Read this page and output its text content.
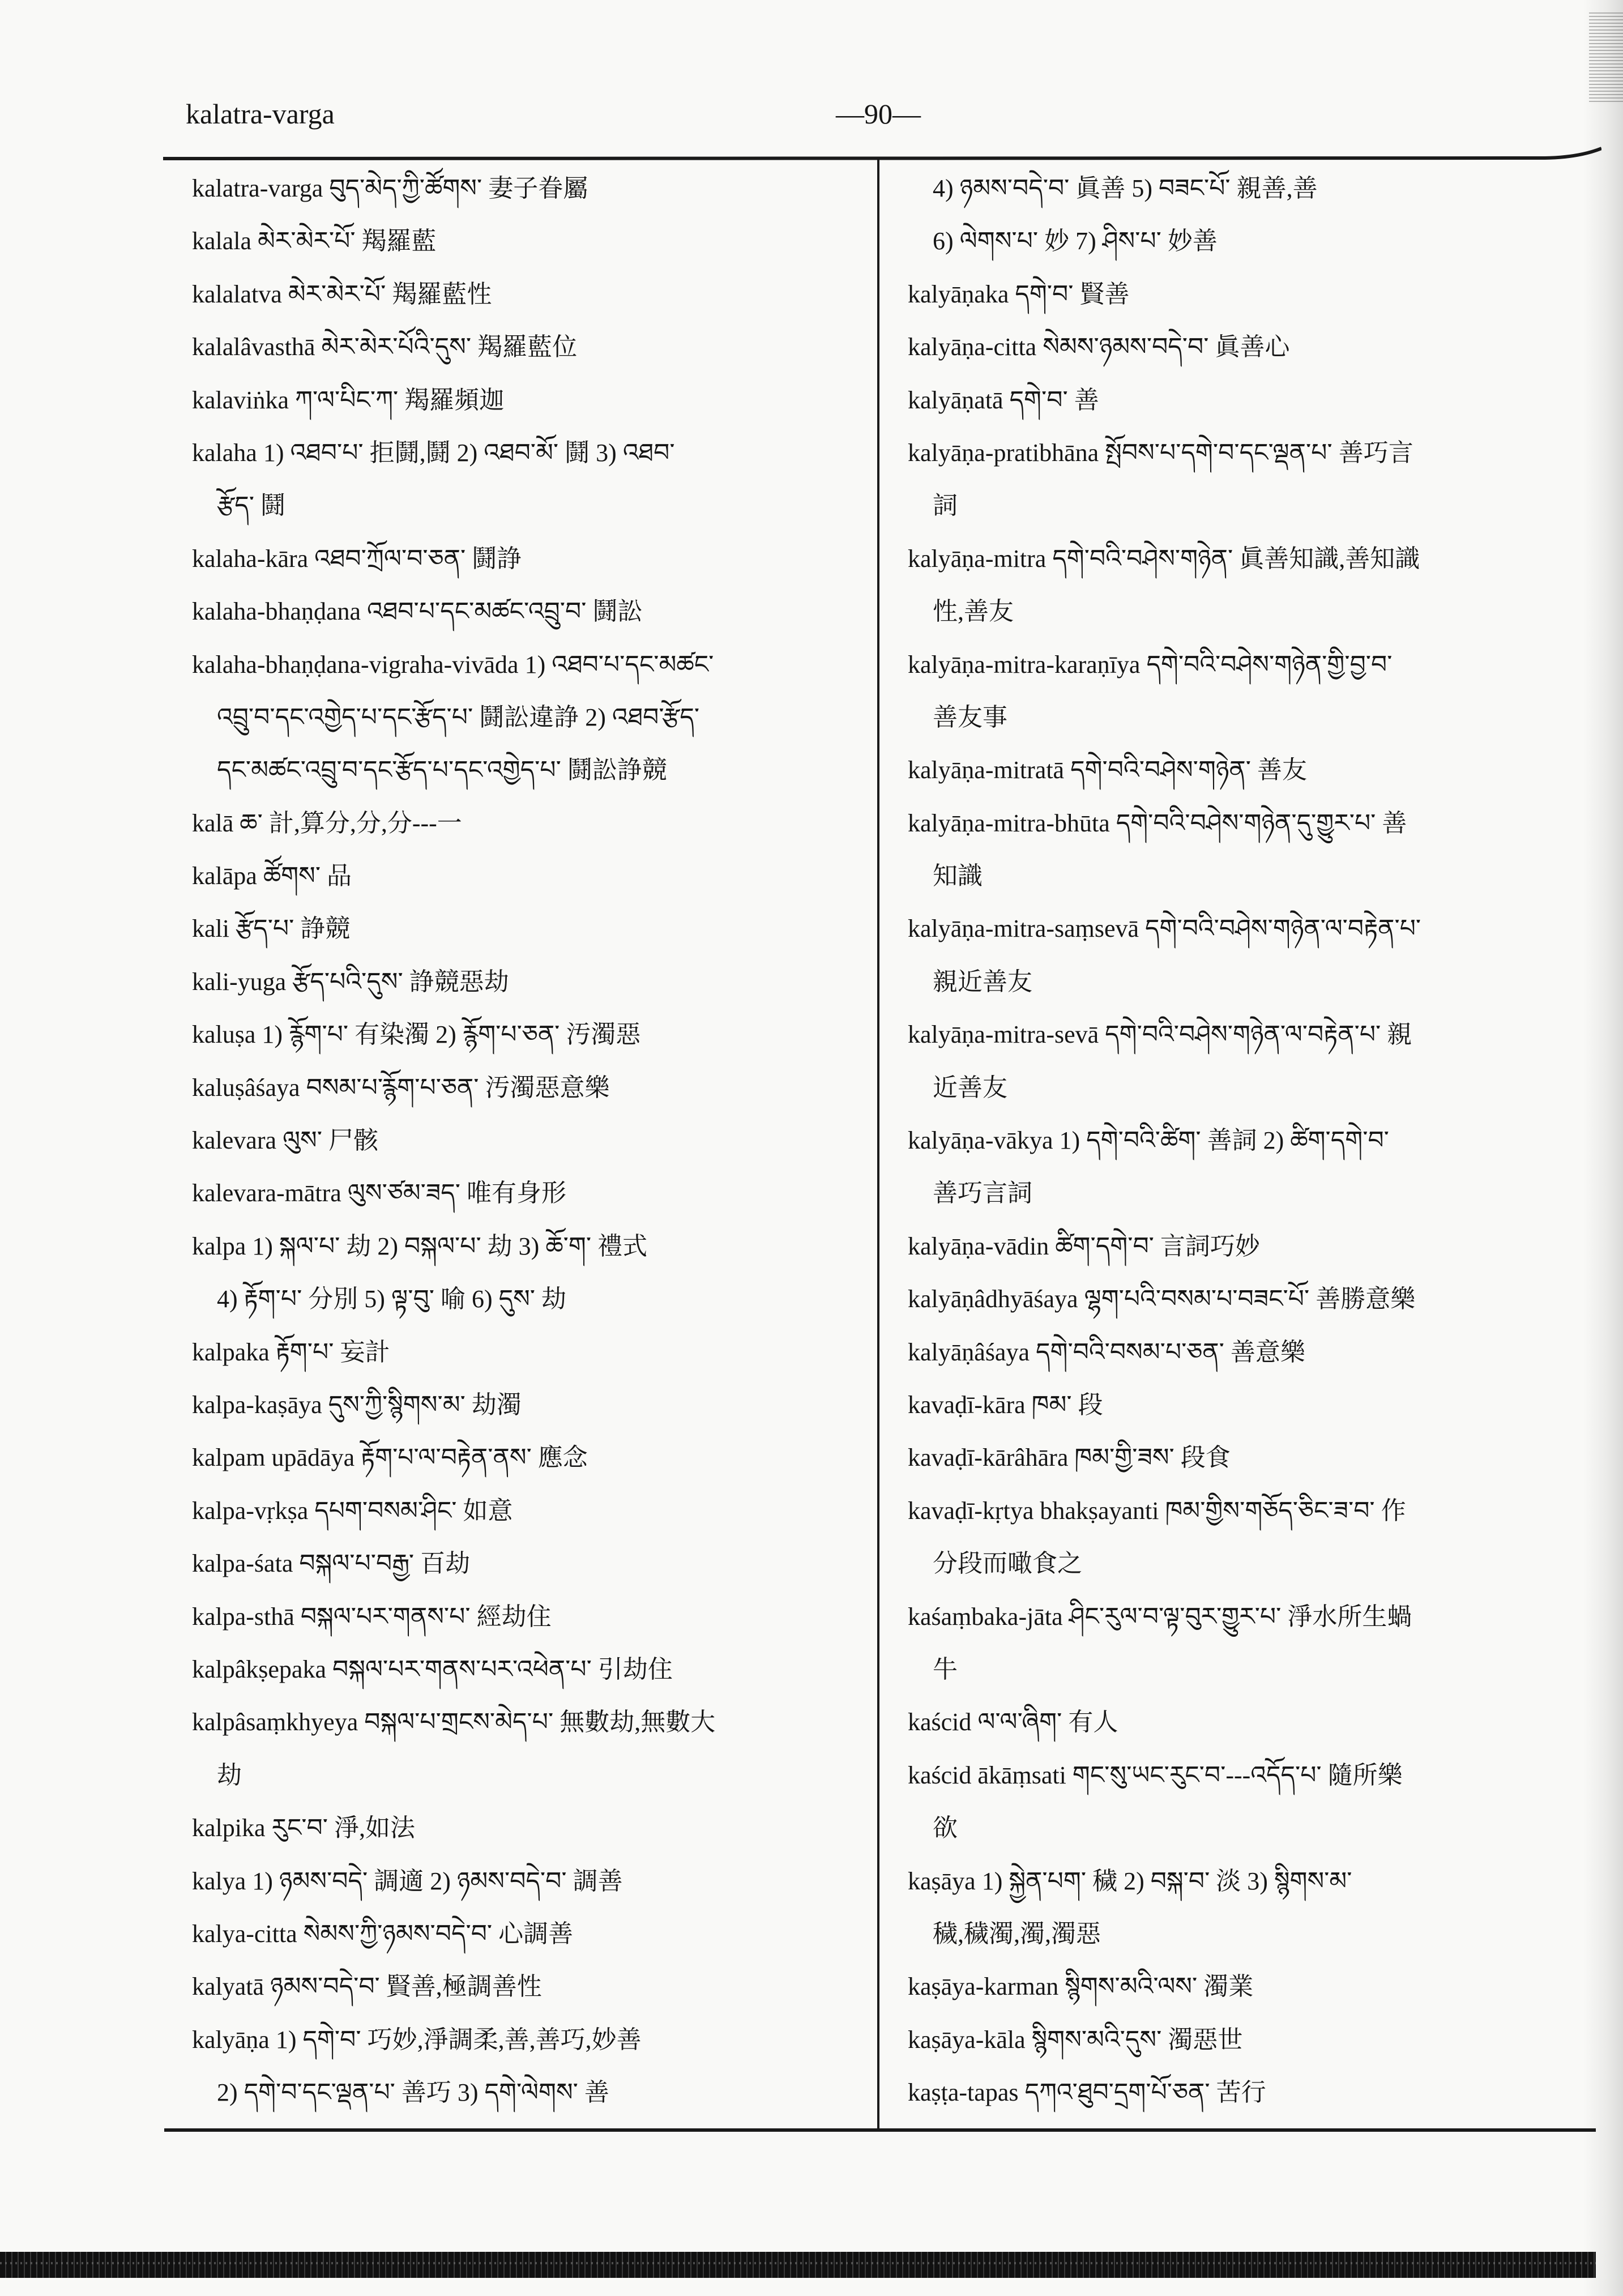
kalatra-varga	—90—
kalatra-varga བུད་མེད་ཀྱི་ཚོགས་ 妻子眷屬
kalala མེར་མེར་པོ་ 羯羅藍
kalalatva མེར་མེར་པོ་ 羯羅藍性
kalalâvasthā མེར་མེར་པོའི་དུས་ 羯羅藍位
kalaviṅka ཀ་ལ་པིང་ཀ་ 羯羅頻迦
kalaha 1) འཐབ་པ་ 拒鬪,鬪 2) འཐབ་མོ་ 鬪 3) འཐབ་
རྩོད་ 鬪
kalaha-kāra འཐབ་ཀྲོལ་བ་ཅན་ 鬪諍
kalaha-bhaṇḍana འཐབ་པ་དང་མཚང་འབྲུ་བ་ 鬪訟
kalaha-bhaṇḍana-vigraha-vivāda 1) འཐབ་པ་དང་མཚང་
འབྲུ་བ་དང་འགྱེད་པ་དང་རྩོད་པ་ 鬪訟違諍 2) འཐབ་རྩོད་
དང་མཚང་འབྲུ་བ་དང་རྩོད་པ་དང་འགྱེད་པ་ 鬪訟諍競
kalā ཆ་ 計,算分,分,分---一
kalāpa ཚོགས་ 品
kali རྩོད་པ་ 諍競
kali-yuga རྩོད་པའི་དུས་ 諍競惡劫
kaluṣa 1) རྙོག་པ་ 有染濁 2) རྙོག་པ་ཅན་ 汚濁惡
kaluṣâśaya བསམ་པ་རྙོག་པ་ཅན་ 汚濁惡意樂
kalevara ལུས་ 尸骸
kalevara-mātra ལུས་ཙམ་ཟད་ 唯有身形
kalpa 1) སྐལ་པ་ 劫 2) བསྐལ་པ་ 劫 3) ཆོ་ག་ 禮式
4) རྟོག་པ་ 分別 5) ལྟ་བུ་ 喻 6) དུས་ 劫
kalpaka རྟོག་པ་ 妄計
kalpa-kaṣāya དུས་ཀྱི་སྙིགས་མ་ 劫濁
kalpam upādāya རྟོག་པ་ལ་བརྟེན་ནས་ 應念
kalpa-vṛkṣa དཔག་བསམ་ཤིང་ 如意
kalpa-śata བསྐལ་པ་བརྒྱ་ 百劫
kalpa-sthā བསྐལ་པར་གནས་པ་ 經劫住
kalpâkṣepaka བསྐལ་པར་གནས་པར་འཕེན་པ་ 引劫住
kalpâsaṃkhyeya བསྐལ་པ་གྲངས་མེད་པ་ 無數劫,無數大
劫
kalpika རུང་བ་ 淨,如法
kalya 1) ཉམས་བདེ་ 調適 2) ཉམས་བདེ་བ་ 調善
kalya-citta སེམས་ཀྱི་ཉམས་བདེ་བ་ 心調善
kalyatā ཉམས་བདེ་བ་ 賢善,極調善性
kalyāṇa 1) དགེ་བ་ 巧妙,淨調柔,善,善巧,妙善
2) དགེ་བ་དང་ལྡན་པ་ 善巧 3) དགེ་ལེགས་ 善
4) ཉམས་བདེ་བ་ 眞善 5) བཟང་པོ་ 親善,善
6) ལེགས་པ་ 妙 7) ཤིས་པ་ 妙善
kalyāṇaka དགེ་བ་ 賢善
kalyāṇa-citta སེམས་ཉམས་བདེ་བ་ 眞善心
kalyāṇatā དགེ་བ་ 善
kalyāṇa-pratibhāna སྤོབས་པ་དགེ་བ་དང་ལྡན་པ་ 善巧言
詞
kalyāṇa-mitra དགེ་བའི་བཤེས་གཉེན་ 眞善知識,善知識
性,善友
kalyāṇa-mitra-karaṇīya དགེ་བའི་བཤེས་གཉེན་གྱི་བྱ་བ་
善友事
kalyāṇa-mitratā དགེ་བའི་བཤེས་གཉེན་ 善友
kalyāṇa-mitra-bhūta དགེ་བའི་བཤེས་གཉེན་དུ་གྱུར་པ་ 善
知識
kalyāṇa-mitra-saṃsevā དགེ་བའི་བཤེས་གཉེན་ལ་བརྟེན་པ་
親近善友
kalyāṇa-mitra-sevā དགེ་བའི་བཤེས་གཉེན་ལ་བརྟེན་པ་ 親
近善友
kalyāṇa-vākya 1) དགེ་བའི་ཚིག་ 善詞 2) ཚིག་དགེ་བ་
善巧言詞
kalyāṇa-vādin ཚིག་དགེ་བ་ 言詞巧妙
kalyāṇâdhyāśaya ལྷག་པའི་བསམ་པ་བཟང་པོ་ 善勝意樂
kalyāṇâśaya དགེ་བའི་བསམ་པ་ཅན་ 善意樂
kavaḍī-kāra ཁམ་ 段
kavaḍī-kārâhāra ཁམ་གྱི་ཟས་ 段食
kavaḍī-kṛtya bhakṣayanti ཁམ་གྱིས་གཅོད་ཅིང་ཟ་བ་ 作
分段而噉食之
kaśaṃbaka-jāta ཤིང་རུལ་བ་ལྟ་བུར་གྱུར་པ་ 淨水所生蝸
牛
kaścid ལ་ལ་ཞིག་ 有人
kaścid ākāṃsati གང་སུ་ཡང་རུང་བ་---འདོད་པ་ 隨所樂
欲
kaṣāya 1) སྐྱེན་པག་ 穢 2) བསྐ་བ་ 淡 3) སྙིགས་མ་
穢,穢濁,濁,濁惡
kaṣāya-karman སྙིགས་མའི་ལས་ 濁業
kaṣāya-kāla སྙིགས་མའི་དུས་ 濁惡世
kaṣṭa-tapas དཀའ་ཐུབ་དྲག་པོ་ཅན་ 苦行
